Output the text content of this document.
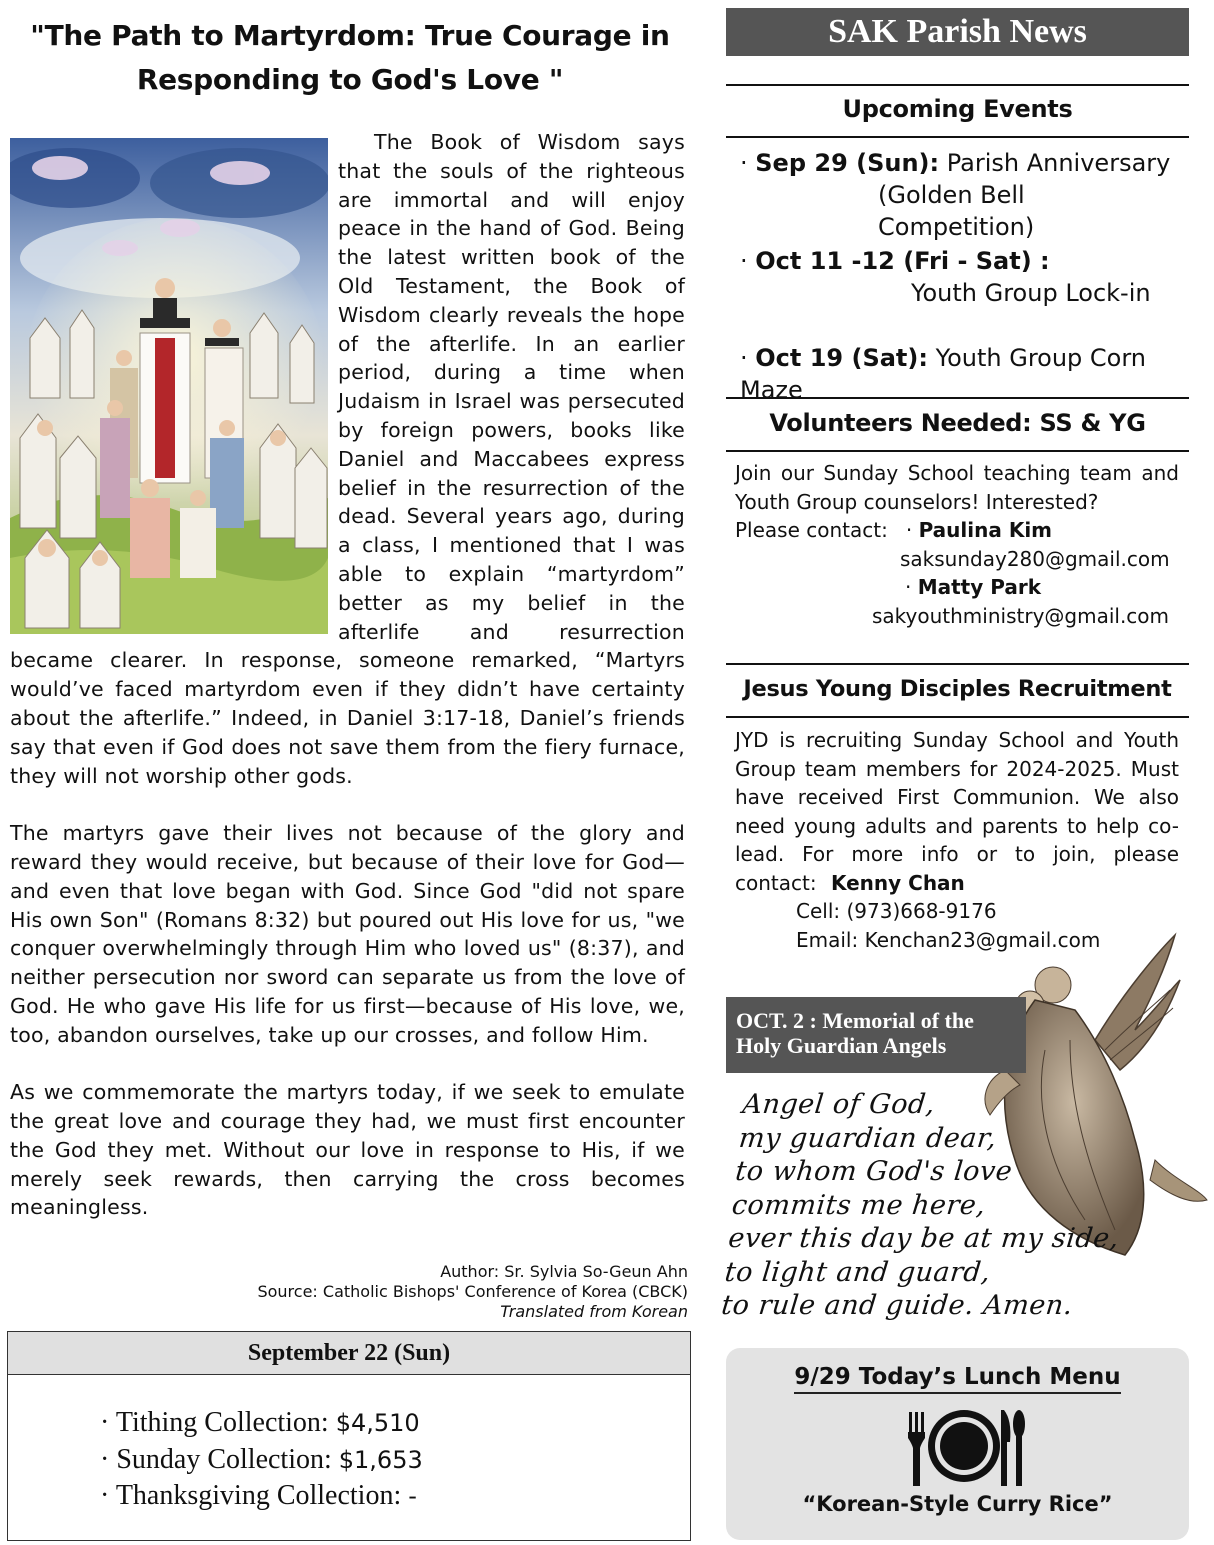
"The Path to Martyrdom: True Courage in
Responding to God's Love "

The Book of Wisdom says that the souls of the righteous are immortal and will enjoy peace in the hand of God. Being the latest written book of the Old Testament, the Book of Wisdom clearly reveals the hope of the afterlife. In an earlier period, during a time when Judaism in Israel was persecuted by foreign powers, books like Daniel and Maccabees express belief in the resurrection of the dead. Several years ago, during a class, I mentioned that I was able to explain “martyrdom” better as my belief in the afterlife and resurrection became clearer. In response, someone remarked, “Martyrs would’ve faced martyrdom even if they didn’t have certainty about the afterlife.” Indeed, in Daniel 3:17-18, Daniel’s friends say that even if God does not save them from the fiery furnace, they will not worship other gods.

The martyrs gave their lives not because of the glory and reward they would receive, but because of their love for God—and even that love began with God. Since God "did not spare His own Son" (Romans 8:32) but poured out His love for us, "we conquer overwhelmingly through Him who loved us" (8:37), and neither persecution nor sword can separate us from the love of God. He who gave His life for us first—because of His love, we, too, abandon ourselves, take up our crosses, and follow Him.

As we commemorate the martyrs today, if we seek to emulate the great love and courage they had, we must first encounter the God they met. Without our love in response to His, if we merely seek rewards, then carrying the cross becomes meaningless.

Author: Sr. Sylvia So-Geun Ahn
Source: Catholic Bishops' Conference of Korea (CBCK)
Translated from Korean
September 22 (Sun)
· Tithing Collection: $4,510
· Sunday Collection: $1,653
· Thanksgiving Collection: -
SAK Parish News
Upcoming Events
· Sep 29 (Sun): Parish Anniversary
(Golden Bell Competition)
· Oct 11 -12 (Fri - Sat) :
Youth Group Lock-in
· Oct 19 (Sat): Youth Group Corn Maze
Volunteers Needed: SS & YG
Join our Sunday School teaching team and Youth Group counselors! Interested?
Please contact: · Paulina Kim
saksunday280@gmail.com
· Matty Park
sakyouthministry@gmail.com
Jesus Young Disciples Recruitment
JYD is recruiting Sunday School and Youth Group team members for 2024-2025. Must have received First Communion. We also need young adults and parents to help co-lead. For more info or to join, please contact: Kenny Chan
Cell: (973)668-9176
Email: Kenchan23@gmail.com
OCT. 2 : Memorial of the
Holy Guardian Angels
Angel of God,
my guardian dear,
to whom God's love
commits me here,
ever this day be at my side,
to light and guard,
to rule and guide. Amen.
9/29 Today’s Lunch Menu
“Korean-Style Curry Rice”
